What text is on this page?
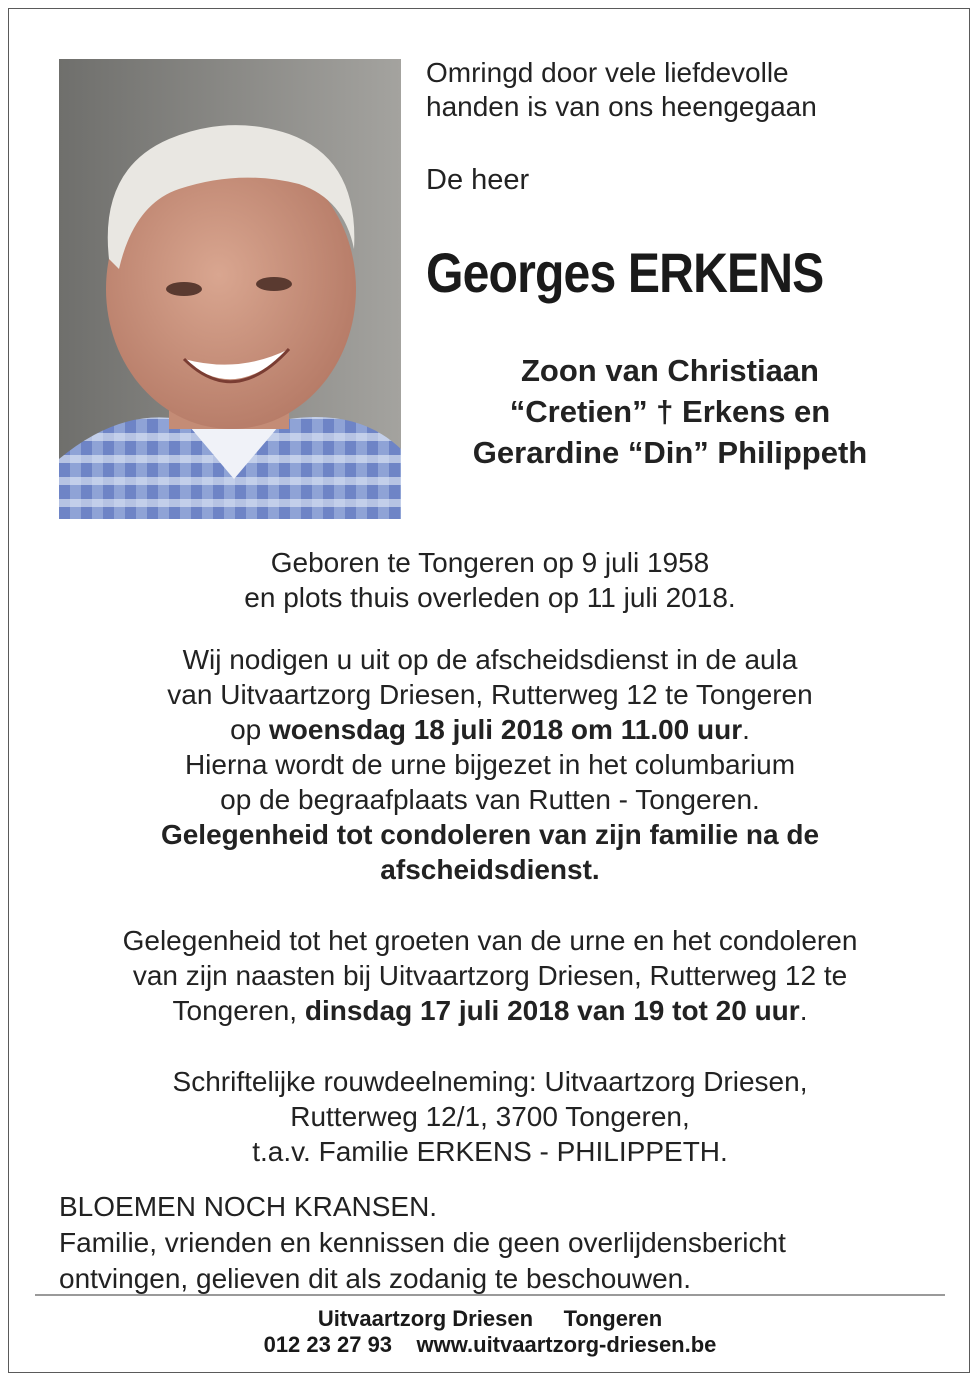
Omringd door vele liefdevolle

handen is van ons heengegaan

De heer
Georges ERKENS
Zoon van Christiaan
“Cretien” † Erkens en
Gerardine “Din” Philippeth
Geboren te Tongeren op 9 juli 1958
en plots thuis overleden op 11 juli 2018.
Wij nodigen u uit op de afscheidsdienst in de aula
van Uitvaartzorg Driesen, Rutterweg 12 te Tongeren
op woensdag 18 juli 2018 om 11.00 uur.
Hierna wordt de urne bijgezet in het columbarium
op de begraafplaats van Rutten - Tongeren.
Gelegenheid tot condoleren van zijn familie na de
afscheidsdienst.
Gelegenheid tot het groeten van de urne en het condoleren
van zijn naasten bij Uitvaartzorg Driesen, Rutterweg 12 te
Tongeren, dinsdag 17 juli 2018 van 19 tot 20 uur.
Schriftelijke rouwdeelneming: Uitvaartzorg Driesen,
Rutterweg 12/1, 3700 Tongeren,
t.a.v. Familie ERKENS - PHILIPPETH.
BLOEMEN NOCH KRANSEN.
Familie, vrienden en kennissen die geen overlijdensbericht
ontvingen, gelieven dit als zodanig te beschouwen.
Uitvaartzorg Driesen Tongeren
012 23 27 93 www.uitvaartzorg-driesen.be
